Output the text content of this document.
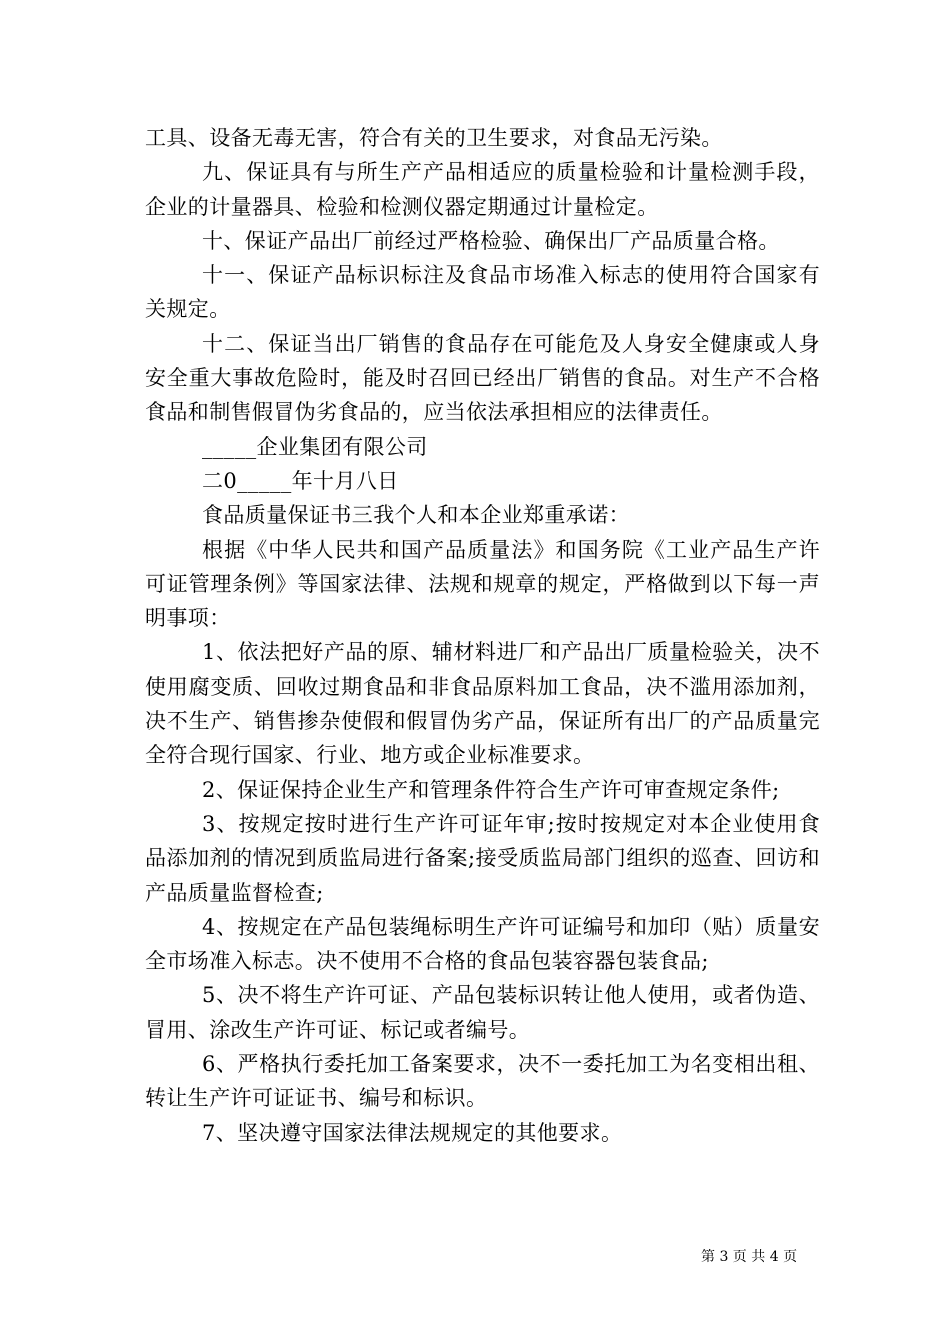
工具、设备无毒无害，符合有关的卫生要求，对食品无污染。

九、保证具有与所生产产品相适应的质量检验和计量检测手段，企业的计量器具、检验和检测仪器定期通过计量检定。

十、保证产品出厂前经过严格检验、确保出厂产品质量合格。

十一、保证产品标识标注及食品市场准入标志的使用符合国家有关规定。

十二、保证当出厂销售的食品存在可能危及人身安全健康或人身安全重大事故危险时，能及时召回已经出厂销售的食品。对生产不合格食品和制售假冒伪劣食品的，应当依法承担相应的法律责任。

_____企业集团有限公司

二0_____年十月八日

食品质量保证书三我个人和本企业郑重承诺：

根据《中华人民共和国产品质量法》和国务院《工业产品生产许可证管理条例》等国家法律、法规和规章的规定，严格做到以下每一声明事项：

1、依法把好产品的原、辅材料进厂和产品出厂质量检验关，决不使用腐变质、回收过期食品和非食品原料加工食品，决不滥用添加剂，决不生产、销售掺杂使假和假冒伪劣产品，保证所有出厂的产品质量完全符合现行国家、行业、地方或企业标准要求。

2、保证保持企业生产和管理条件符合生产许可审查规定条件;

3、按规定按时进行生产许可证年审;按时按规定对本企业使用食品添加剂的情况到质监局进行备案;接受质监局部门组织的巡查、回访和产品质量监督检查;

4、按规定在产品包装绳标明生产许可证编号和加印（贴）质量安全市场准入标志。决不使用不合格的食品包装容器包装食品;

5、决不将生产许可证、产品包装标识转让他人使用，或者伪造、冒用、涂改生产许可证、标记或者编号。

6、严格执行委托加工备案要求，决不一委托加工为名变相出租、转让生产许可证证书、编号和标识。

7、坚决遵守国家法律法规规定的其他要求。

第 3 页 共 4 页
